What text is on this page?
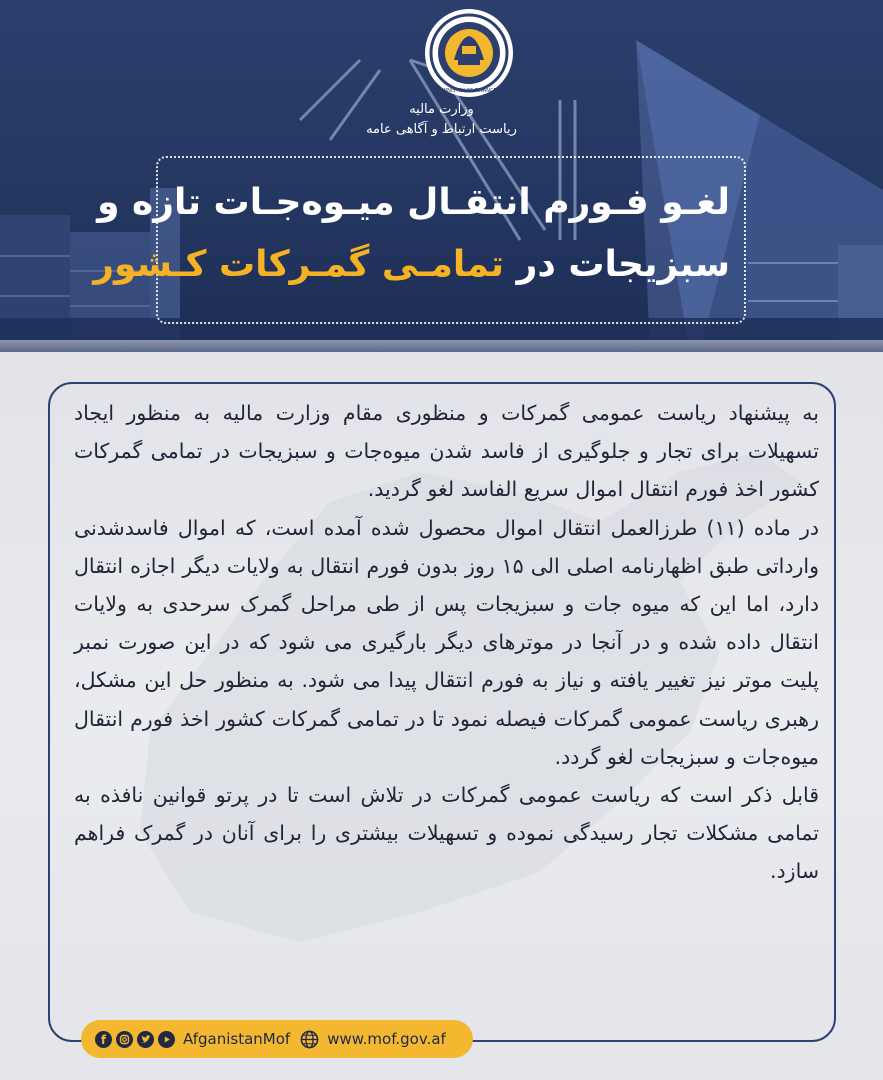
MINISTRY OF FINANCE
وزارت مالیه
ریاست ارتباط و آگاهی عامه
لغـو فـورم انتقـال میـوه‌جـات تازه و
سبزیجات در تمامـی گمـرکات کـشور

به پیشنهاد ریاست عمومی گمرکات و منظوری مقام وزارت مالیه به منظور ایجاد تسهیلات برای تجار و جلوگیری از فاسد شدن میوه‌جات و سبزیجات در تمامی گمرکات کشور اخذ فورم انتقال اموال سریع الفاسد لغو گردید.

در ماده (۱۱) طرزالعمل انتقال اموال محصول شده آمده است، که اموال فاسدشدنی وارداتی طبق اظهارنامه اصلی الی ۱۵ روز بدون فورم انتقال به ولایات دیگر اجازه انتقال دارد، اما این که میوه جات و سبزیجات پس از طی مراحل گمرک سرحدی به ولایات انتقال داده شده و در آنجا در موترهای دیگر بارگیری می شود که در این صورت نمبر پلیت موتر نیز تغییر یافته و نیاز به فورم انتقال پیدا می شود. به منظور حل این مشکل، رهبری ریاست عمومی گمرکات فیصله نمود تا در تمامی گمرکات کشور اخذ فورم انتقال میوه‌جات و سبزیجات لغو گردد.

قابل ذکر است که ریاست عمومی گمرکات در تلاش است تا در پرتو قوانین نافذه به تمامی مشکلات تجار رسیدگی نموده و تسهیلات بیشتری را برای آنان در گمرک فراهم سازد.

f	AfganistanMof www.mof.gov.af
